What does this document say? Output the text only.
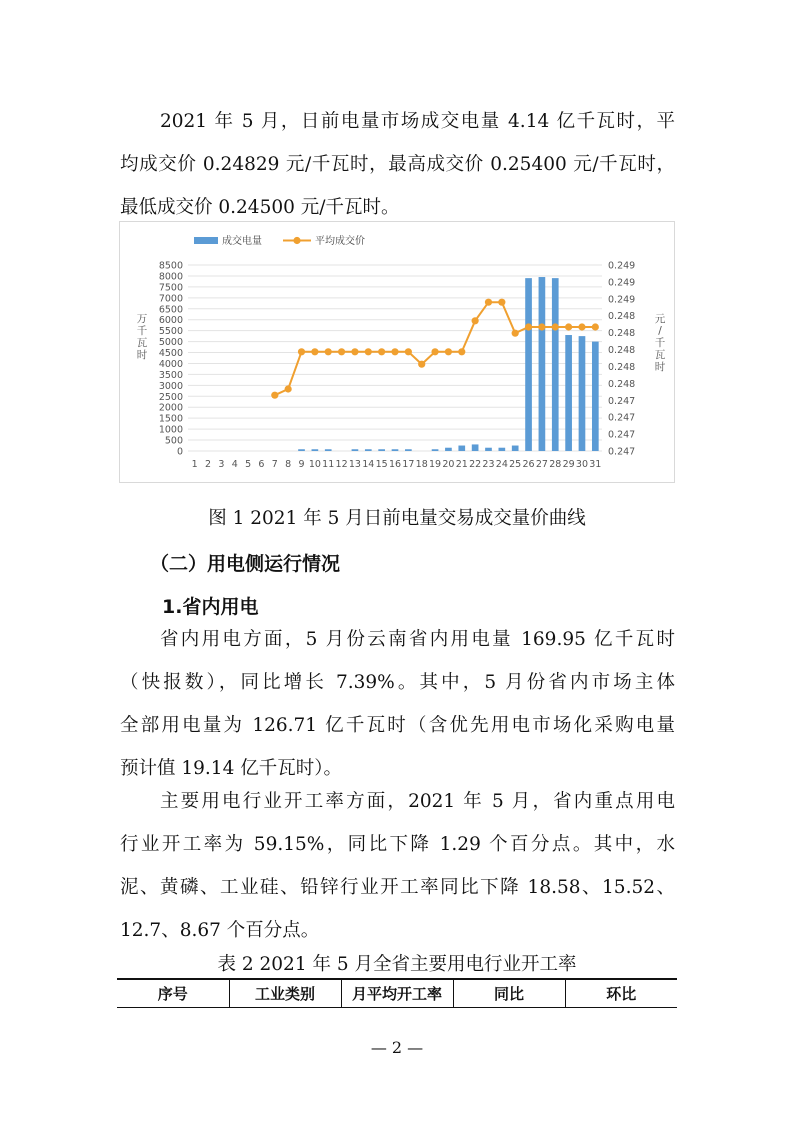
2021 年 5 月，日前电量市场成交电量 4.14 亿千瓦时，平
均成交价 0.24829 元/千瓦时，最高成交价 0.25400 元/千瓦时，
最低成交价 0.24500 元/千瓦时。
0
500
1000
1500
2000
2500
3000
3500
4000
4500
5000
5500
6000
6500
7000
7500
8000
8500
0.247
0.247
0.247
0.247
0.248
0.248
0.248
0.248
0.248
0.249
0.249
0.249
1 2 3 4 5 6 7 8 9 10 11 12 13 14 15 16 17 18 19 20 21 22 23 24 25 26 27 28 29 30 31
成交电量	平均成交价
万千瓦时
元/千瓦时

图 1 2021 年 5 月日前电量交易成交量价曲线

（二）用电侧运行情况

1.省内用电

省内用电方面，5 月份云南省内用电量 169.95 亿千瓦时
（快报数），同比增长 7.39%。其中，5 月份省内市场主体
全部用电量为 126.71 亿千瓦时（含优先用电市场化采购电量
预计值 19.14 亿千瓦时）。
主要用电行业开工率方面，2021 年 5 月，省内重点用电
行业开工率为 59.15%，同比下降 1.29 个百分点。其中，水
泥、黄磷、工业硅、铅锌行业开工率同比下降 18.58、15.52、
12.7、8.67 个百分点。

表 2 2021 年 5 月全省主要用电行业开工率

序号	工业类别	月平均开工率	同比	环比
— 2 —
